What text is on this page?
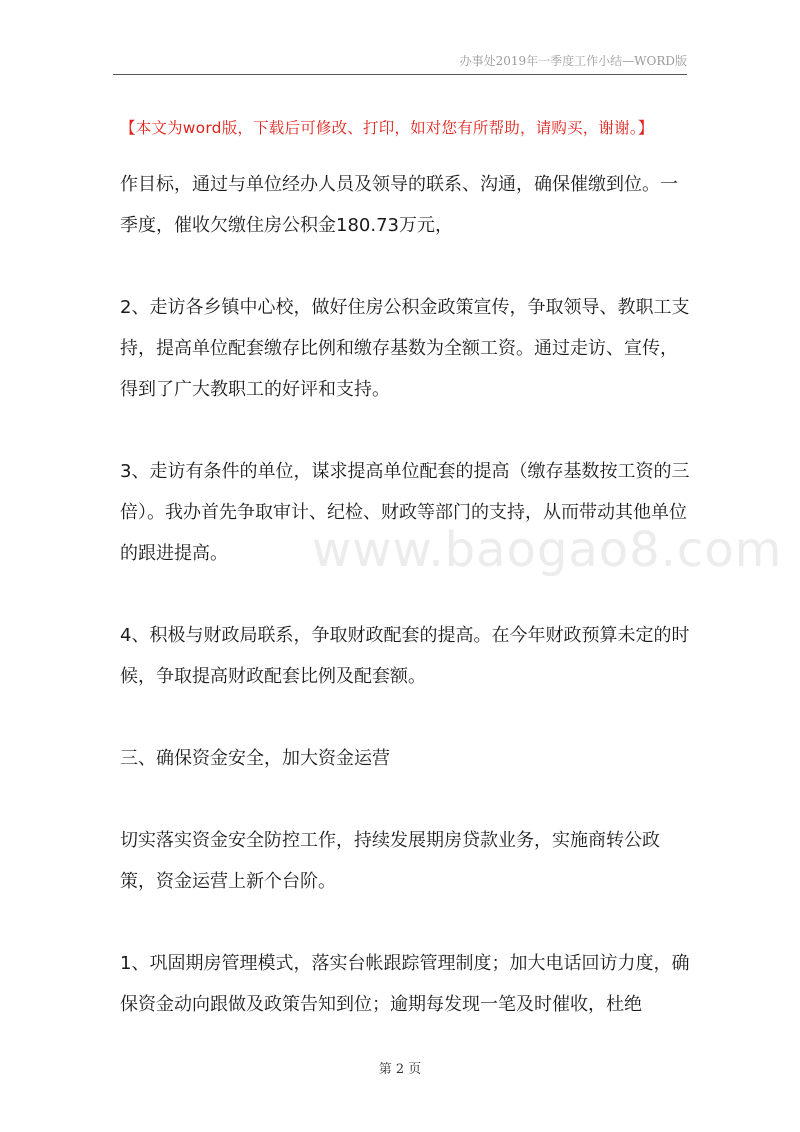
办事处2019年一季度工作小结—WORD版
【本文为word版，下载后可修改、打印，如对您有所帮助，请购买，谢谢。】
www.baogao8.com

作目标，通过与单位经办人员及领导的联系、沟通，确保催缴到位。一季度，催收欠缴住房公积金180.73万元，

2、走访各乡镇中心校，做好住房公积金政策宣传，争取领导、教职工支持，提高单位配套缴存比例和缴存基数为全额工资。通过走访、宣传，得到了广大教职工的好评和支持。

3、走访有条件的单位，谋求提高单位配套的提高（缴存基数按工资的三倍）。我办首先争取审计、纪检、财政等部门的支持，从而带动其他单位的跟进提高。

4、积极与财政局联系，争取财政配套的提高。在今年财政预算未定的时候，争取提高财政配套比例及配套额。

三、确保资金安全，加大资金运营

切实落实资金安全防控工作，持续发展期房贷款业务，实施商转公政策，资金运营上新个台阶。

1、巩固期房管理模式，落实台帐跟踪管理制度；加大电话回访力度，确保资金动向跟做及政策告知到位；逾期每发现一笔及时催收，杜绝

第 2 页
